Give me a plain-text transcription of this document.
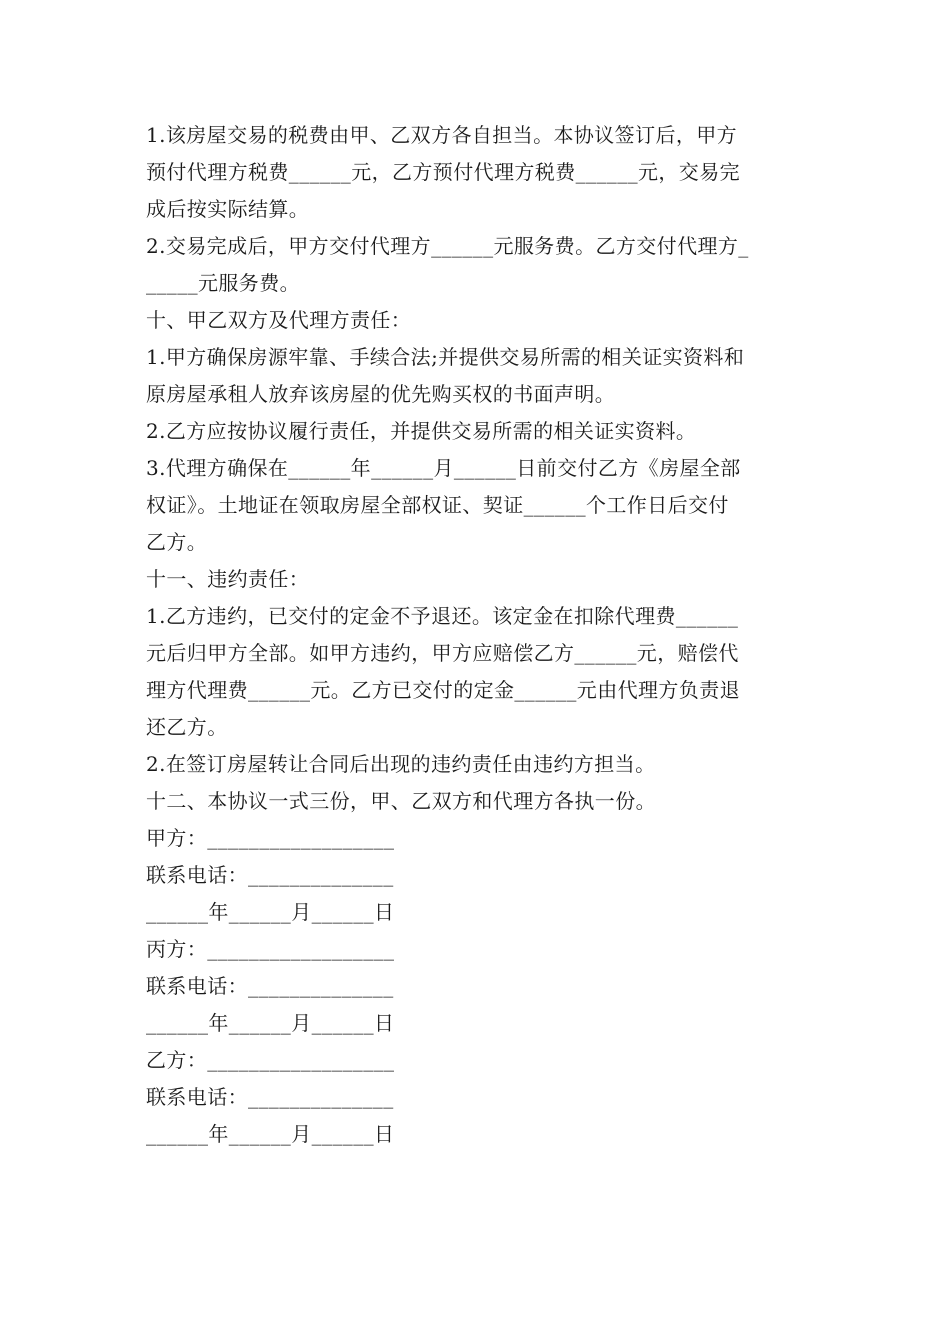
1.该房屋交易的税费由甲、乙双方各自担当。本协议签订后，甲方
预付代理方税费______元，乙方预付代理方税费______元，交易完
成后按实际结算。
2.交易完成后，甲方交付代理方______元服务费。乙方交付代理方_
_____元服务费。
十、甲乙双方及代理方责任：
1.甲方确保房源牢靠、手续合法;并提供交易所需的相关证实资料和
原房屋承租人放弃该房屋的优先购买权的书面声明。
2.乙方应按协议履行责任，并提供交易所需的相关证实资料。
3.代理方确保在______年______月______日前交付乙方《房屋全部
权证》。土地证在领取房屋全部权证、契证______个工作日后交付
乙方。
十一、违约责任：
1.乙方违约，已交付的定金不予退还。该定金在扣除代理费______
元后归甲方全部。如甲方违约，甲方应赔偿乙方______元，赔偿代
理方代理费______元。乙方已交付的定金______元由代理方负责退
还乙方。
2.在签订房屋转让合同后出现的违约责任由违约方担当。
十二、本协议一式三份，甲、乙双方和代理方各执一份。
甲方：__________________
联系电话：______________
______年______月______日
丙方：__________________
联系电话：______________
______年______月______日
乙方：__________________
联系电话：______________
______年______月______日
